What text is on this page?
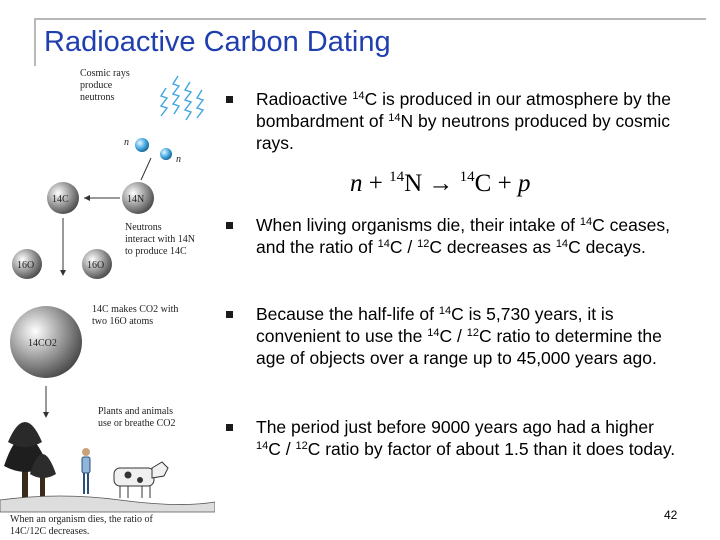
Radioactive Carbon Dating
Cosmic rays
produce
neutrons
n
n
14C	14N
Neutrons
interact with 14N
to produce 14C
16O	16O
14CO2
14C makes CO2 with
two 16O atoms
Plants and animals
use or breathe CO2
When an organism dies, the ratio of
14C/12C decreases.
Radioactive $^{14}$C is produced in our atmosphere by the bombardment of $^{14}$N by neutrons produced by cosmic rays.
n + $^{14}$N → $^{14}$C + p
When living organisms die, their intake of $^{14}$C ceases, and the ratio of $^{14}$C / $^{12}$C decreases as $^{14}$C decays.
Because the half-life of $^{14}$C is 5,730 years, it is convenient to use the $^{14}$C / $^{12}$C ratio to determine the age of objects over a range up to 45,000 years ago.
The period just before 9000 years ago had a higher $^{14}$C / $^{12}$C ratio by factor of about 1.5 than it does today.
42
